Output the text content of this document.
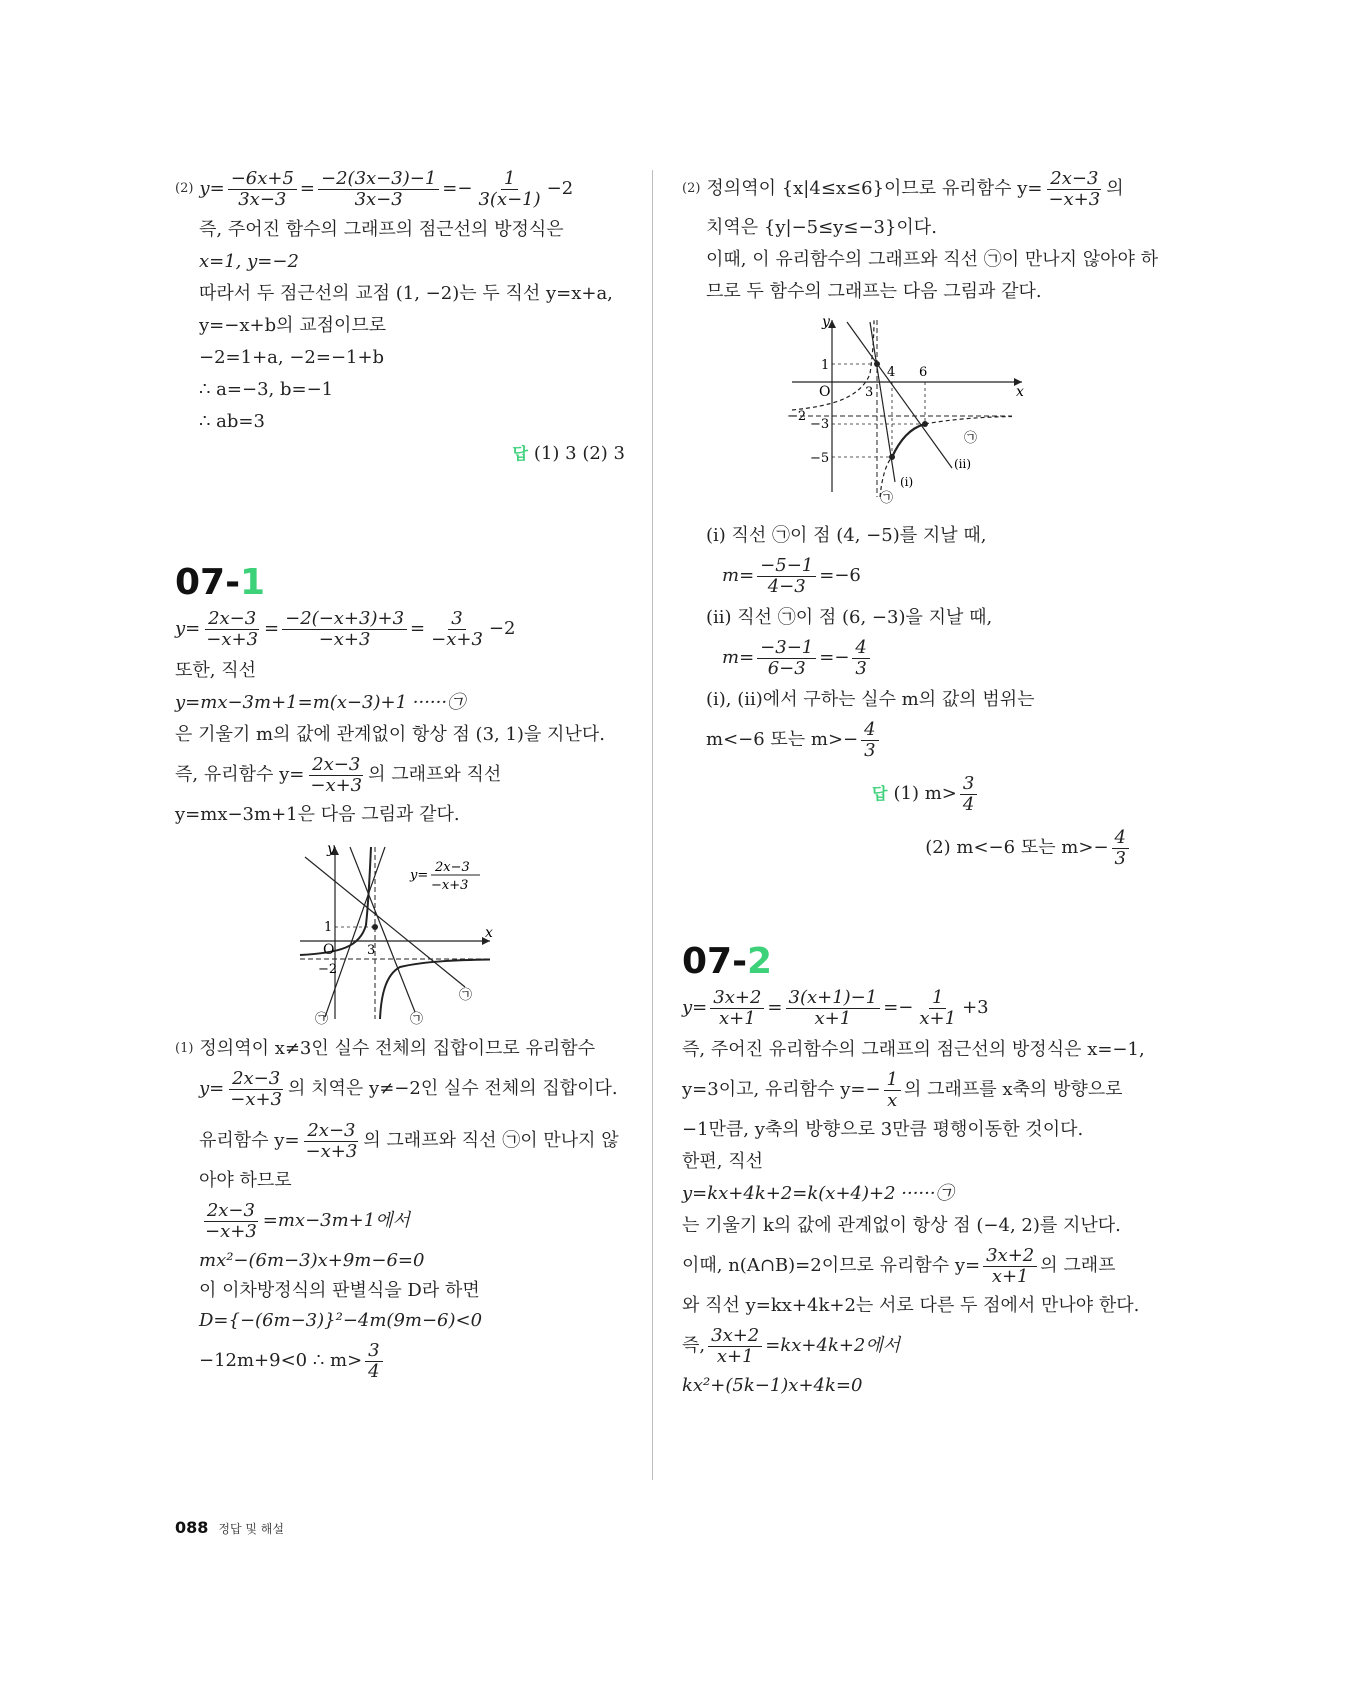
(2) $y= \frac{-6x+5}{3x-3} = \frac{-2(3x-3)-1}{3x-3} =- \frac{1}{3(x-1)} -2$
즉, 주어진 함수의 그래프의 점근선의 방정식은
x=1, y=−2
따라서 두 점근선의 교점 (1, −2)는 두 직선 y=x+a,
y=−x+b의 교점이므로
−2=1+a, −2=−1+b
∴ a=−3, b=−1
∴ ab=3
답 (1) 3 (2) 3
07-1
$y= \frac{2x-3}{-x+3} = \frac{-2(-x+3)+3}{-x+3} = \frac{3}{-x+3} -2$
또한, 직선
y=mx−3m+1=m(x−3)+1 ······㉠
은 기울기 m의 값에 관계없이 항상 점 (3, 1)을 지난다.
즉, 유리함수 $y= \frac{2x-3}{-x+3}$ 의 그래프와 직선
y=mx−3m+1은 다음 그림과 같다.
x
y
O
1
3
−2
y=
2x−3
−x+3
㉠
㉠
㉠
(1) 정의역이 x≠3인 실수 전체의 집합이므로 유리함수
$y= \frac{2x-3}{-x+3}$ 의 치역은 y≠−2인 실수 전체의 집합이다.
유리함수 $y= \frac{2x-3}{-x+3}$ 의 그래프와 직선 ㉠이 만나지 않
아야 하므로
$\frac{2x-3}{-x+3} =mx-3m+1$에서
mx²−(6m−3)x+9m−6=0
이 이차방정식의 판별식을 D라 하면
D={−(6m−3)}²−4m(9m−6)<0
−12m+9<0 ∴ $m> \frac{3}{4}$
(2) 정의역이 {x|4≤x≤6}이므로 유리함수 $y= \frac{2x-3}{-x+3}$ 의
치역은 {y|−5≤y≤−3}이다.
이때, 이 유리함수의 그래프와 직선 ㉠이 만나지 않아야 하
므로 두 함수의 그래프는 다음 그림과 같다.
x
y
O
1
3
4 6
−2
−3
−5
㉠
(ⅱ)
(ⅰ)
㉠
(ⅰ) 직선 ㉠이 점 (4, −5)를 지날 때,
$m= \frac{-5-1}{4-3} =-6$
(ⅱ) 직선 ㉠이 점 (6, −3)을 지날 때,
$m= \frac{-3-1}{6-3} =- \frac{4}{3}$
(ⅰ), (ⅱ)에서 구하는 실수 m의 값의 범위는
m<−6 또는 $m>- \frac{4}{3}$
답 (1) $m> \frac{3}{4}$
(2) m<−6 또는 $m>- \frac{4}{3}$
07-2
$y= \frac{3x+2}{x+1} = \frac{3(x+1)-1}{x+1} =- \frac{1}{x+1} +3$
즉, 주어진 유리함수의 그래프의 점근선의 방정식은 x=−1,
y=3이고, 유리함수 $y=- \frac{1}{x}$ 의 그래프를 x축의 방향으로
−1만큼, y축의 방향으로 3만큼 평행이동한 것이다.
한편, 직선
y=kx+4k+2=k(x+4)+2 ······㉠
는 기울기 k의 값에 관계없이 항상 점 (−4, 2)를 지난다.
이때, n(A∩B)=2이므로 유리함수 $y= \frac{3x+2}{x+1}$ 의 그래프
와 직선 y=kx+4k+2는 서로 다른 두 점에서 만나야 한다.
즉, $\frac{3x+2}{x+1} =kx+4k+2$에서
kx²+(5k−1)x+4k=0
088 정답 및 해설
